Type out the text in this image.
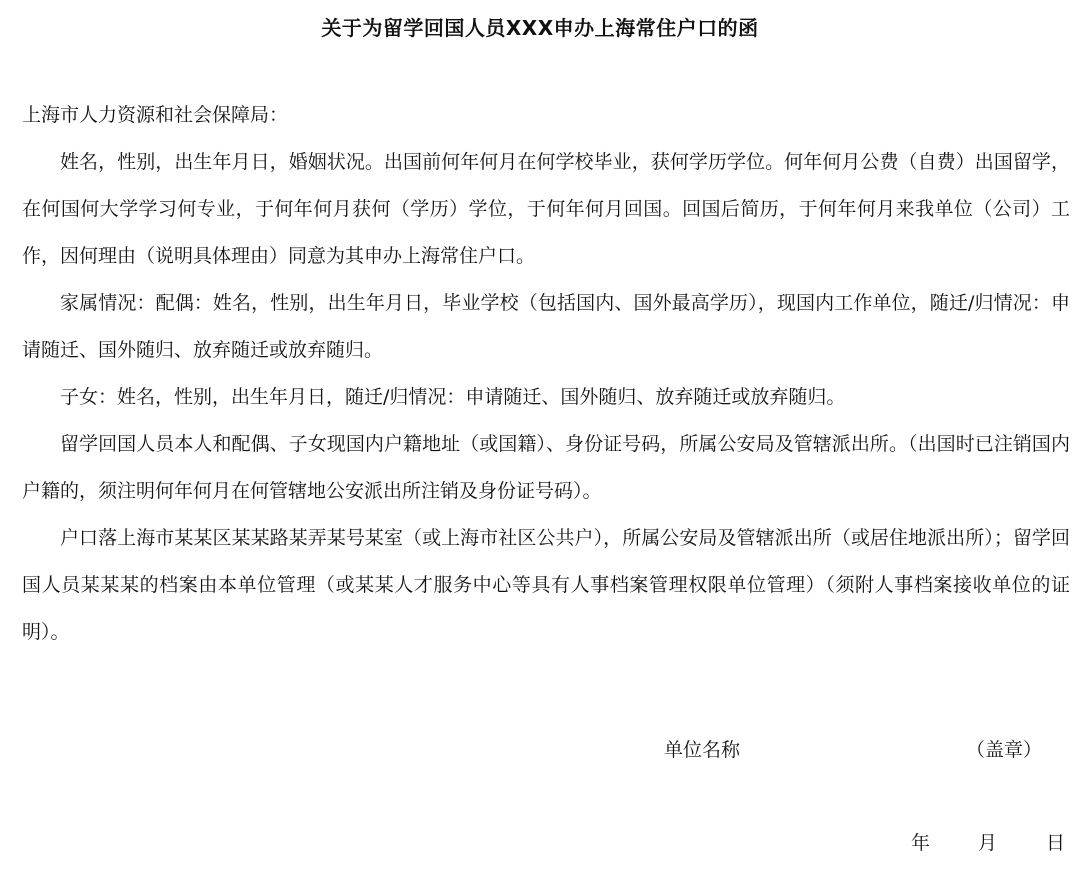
关于为留学回国人员XXX申办上海常住户口的函

上海市人力资源和社会保障局：

姓名，性别，出生年月日，婚姻状况。出国前何年何月在何学校毕业，获何学历学位。何年何月公费（自费）出国留学，在何国何大学学习何专业，于何年何月获何（学历）学位，于何年何月回国。回国后简历，于何年何月来我单位（公司）工作，因何理由（说明具体理由）同意为其申办上海常住户口。

家属情况：配偶：姓名，性别，出生年月日，毕业学校（包括国内、国外最高学历），现国内工作单位，随迁/归情况：申请随迁、国外随归、放弃随迁或放弃随归。

子女：姓名，性别，出生年月日，随迁/归情况：申请随迁、国外随归、放弃随迁或放弃随归。

留学回国人员本人和配偶、子女现国内户籍地址（或国籍）、身份证号码，所属公安局及管辖派出所。（出国时已注销国内户籍的，须注明何年何月在何管辖地公安派出所注销及身份证号码）。

户口落上海市某某区某某路某弄某号某室（或上海市社区公共户），所属公安局及管辖派出所（或居住地派出所）；留学回国人员某某某的档案由本单位管理（或某某人才服务中心等具有人事档案管理权限单位管理）（须附人事档案接收单位的证明）。

单位名称	（盖章）
年	月	日
